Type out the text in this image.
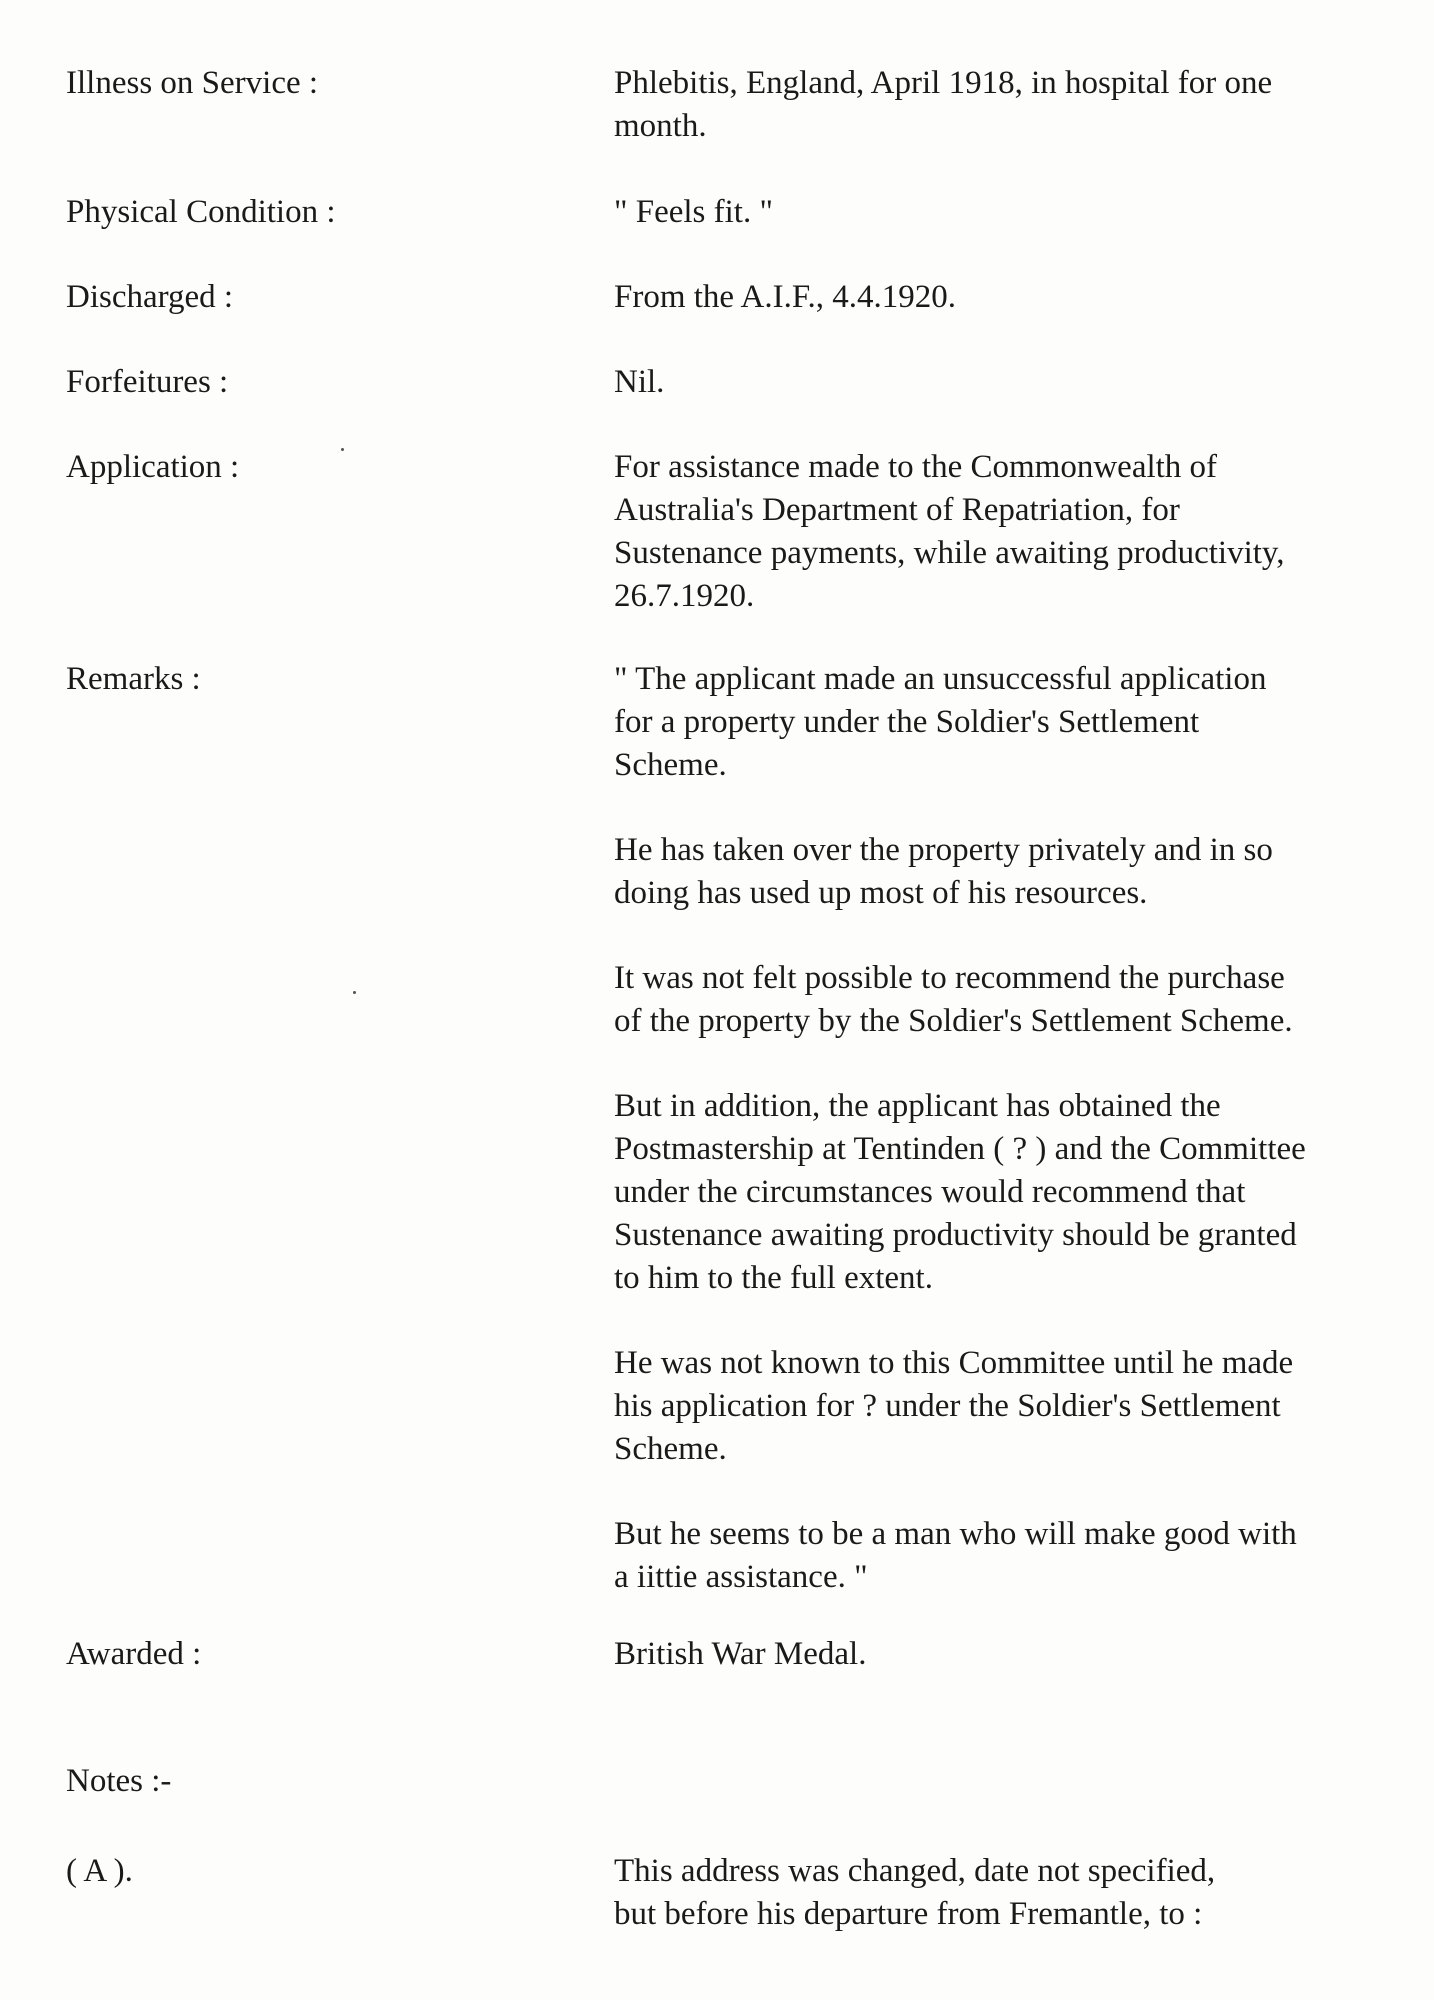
Illness on Service :	Phlebitis, England, April 1918, in hospital for one
month.

Physical Condition :	" Feels fit. "

Discharged :	From the A.I.F., 4.4.1920.

Forfeitures :	Nil.

Application :	For assistance made to the Commonwealth of
Australia's Department of Repatriation, for
Sustenance payments, while awaiting productivity,
26.7.1920.

Remarks :	" The applicant made an unsuccessful application
for a property under the Soldier's Settlement
Scheme.

He has taken over the property privately and in so
doing has used up most of his resources.

It was not felt possible to recommend the purchase
of the property by the Soldier's Settlement Scheme.

But in addition, the applicant has obtained the
Postmastership at Tentinden ( ? ) and the Committee
under the circumstances would recommend that
Sustenance awaiting productivity should be granted
to him to the full extent.

He was not known to this Committee until he made
his application for ? under the Soldier's Settlement
Scheme.

But he seems to be a man who will make good with
a iittie assistance. "

Awarded :	British War Medal.

Notes :-
( A ).	This address was changed, date not specified,
but before his departure from Fremantle, to :
